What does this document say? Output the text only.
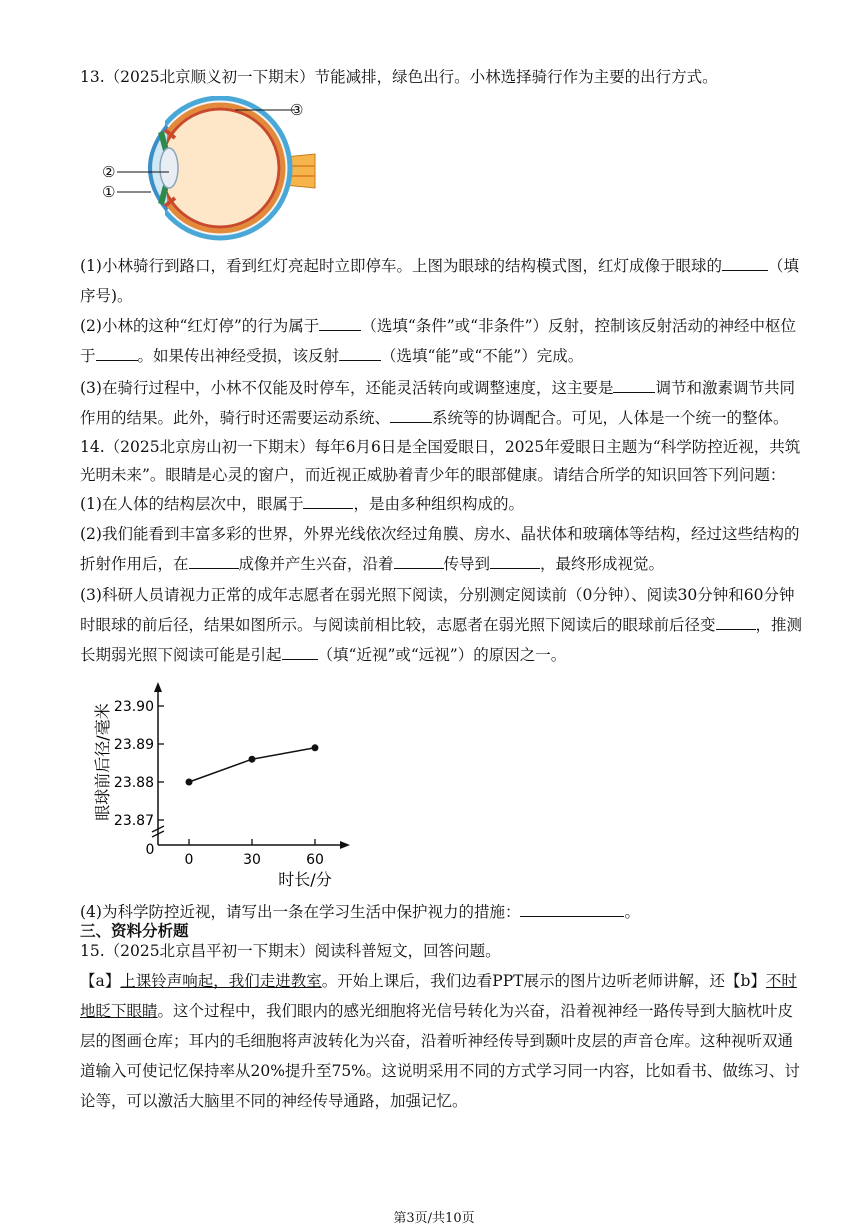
13.（2025北京顺义初一下期末）节能减排，绿色出行。小林选择骑行作为主要的出行方式。
③
②
①
(1)小林骑行到路口，看到红灯亮起时立即停车。上图为眼球的结构模式图，红灯成像于眼球的	（填
序号)。
(2)小林的这种“红灯停”的行为属于	（选填“条件”或“非条件”）反射，控制该反射活动的神经中枢位
于	。如果传出神经受损，该反射	（选填“能”或“不能”）完成。
(3)在骑行过程中，小林不仅能及时停车，还能灵活转向或调整速度，这主要是	调节和激素调节共同
作用的结果。此外，骑行时还需要运动系统、	系统等的协调配合。可见，人体是一个统一的整体。
14.（2025北京房山初一下期末）每年6月6日是全国爱眼日，2025年爱眼日主题为“科学防控近视，共筑
光明未来”。眼睛是心灵的窗户，而近视正威胁着青少年的眼部健康。请结合所学的知识回答下列问题：
(1)在人体的结构层次中，眼属于	，是由多种组织构成的。
(2)我们能看到丰富多彩的世界，外界光线依次经过角膜、房水、晶状体和玻璃体等结构，经过这些结构的
折射作用后，在	成像并产生兴奋，沿着	传导到	，最终形成视觉。
(3)科研人员请视力正常的成年志愿者在弱光照下阅读，分别测定阅读前（0分钟）、阅读30分钟和60分钟
时眼球的前后径，结果如图所示。与阅读前相比较，志愿者在弱光照下阅读后的眼球前后径变	，推测
长期弱光照下阅读可能是引起 （填“近视”或“远视”）的原因之一。
23.90
23.89
23.88
23.87
0	30	60
眼球前后径/毫米
时长/分
0
(4)为科学防控近视，请写出一条在学习生活中保护视力的措施：	。
三、资料分析题
15.（2025北京昌平初一下期末）阅读科普短文，回答问题。
【a】上课铃声响起，我们走进教室。开始上课后，我们边看PPT展示的图片边听老师讲解，还【b】不时
地眨下眼睛。这个过程中，我们眼内的感光细胞将光信号转化为兴奋，沿着视神经一路传导到大脑枕叶皮
层的图画仓库；耳内的毛细胞将声波转化为兴奋，沿着听神经传导到颞叶皮层的声音仓库。这种视听双通
道输入可使记忆保持率从20%提升至75%。这说明采用不同的方式学习同一内容，比如看书、做练习、讨
论等，可以激活大脑里不同的神经传导通路，加强记忆。
第3页/共10页
